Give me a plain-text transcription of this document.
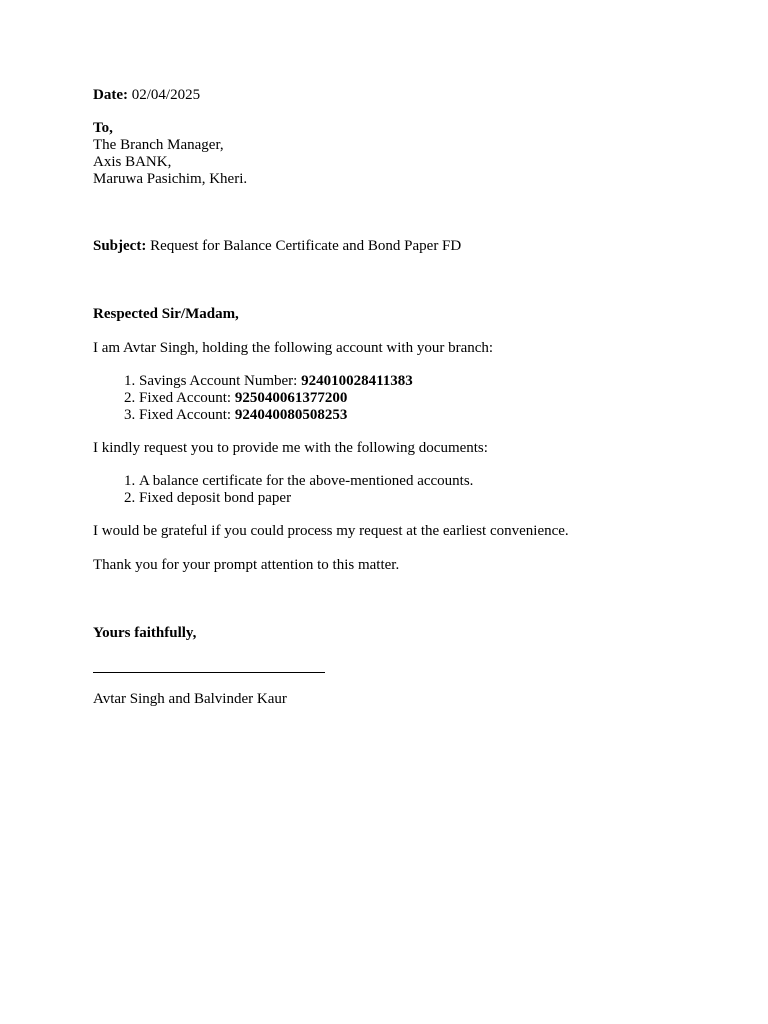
Date: 02/04/2025

To,
The Branch Manager,
Axis BANK,
Maruwa Pasichim, Kheri.

Subject: Request for Balance Certificate and Bond Paper FD

Respected Sir/Madam,

I am Avtar Singh, holding the following account with your branch:

1. Savings Account Number: 924010028411383
2. Fixed Account: 925040061377200
3. Fixed Account: 924040080508253

I kindly request you to provide me with the following documents:

1. A balance certificate for the above-mentioned accounts.
2. Fixed deposit bond paper

I would be grateful if you could process my request at the earliest convenience.

Thank you for your prompt attention to this matter.

Yours faithfully,

Avtar Singh and Balvinder Kaur
